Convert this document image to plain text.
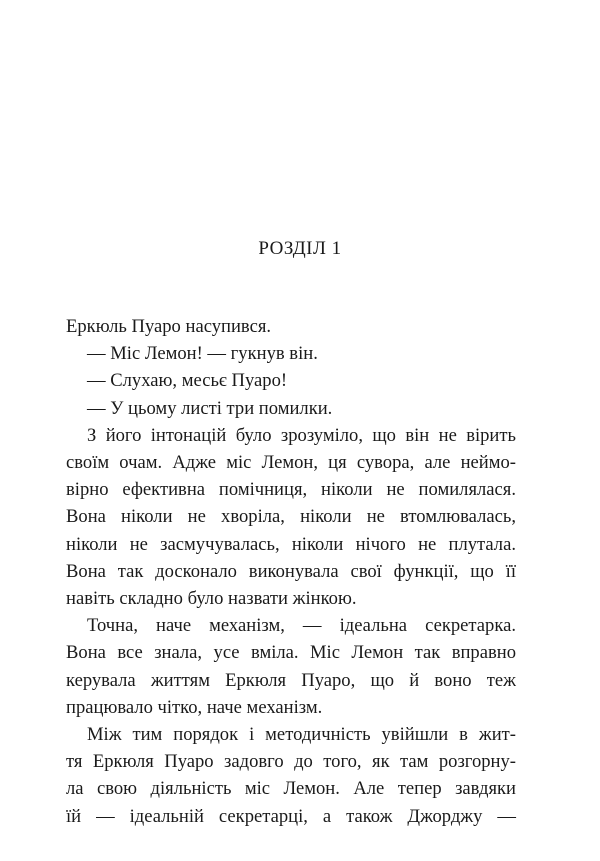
РОЗДІЛ 1
Еркюль Пуаро насупився.
— Міс Лемон! — гукнув він.
— Слухаю, месьє Пуаро!
— У цьому листі три помилки.
З його інтонацій було зрозуміло, що він не вірить
своїм очам. Адже міс Лемон, ця сувора, але неймо-
вірно ефективна помічниця, ніколи не помилялася.
Вона ніколи не хворіла, ніколи не втомлювалась,
ніколи не засмучувалась, ніколи нічого не плутала.
Вона так досконало виконувала свої функції, що її
навіть складно було назвати жінкою.
Точна, наче механізм, — ідеальна секретарка.
Вона все знала, усе вміла. Міс Лемон так вправно
керувала життям Еркюля Пуаро, що й воно теж
працювало чітко, наче механізм.
Між тим порядок і методичність увійшли в жит-
тя Еркюля Пуаро задовго до того, як там розгорну-
ла свою діяльність міс Лемон. Але тепер завдяки
їй — ідеальній секретарці, а також Джорджу —
